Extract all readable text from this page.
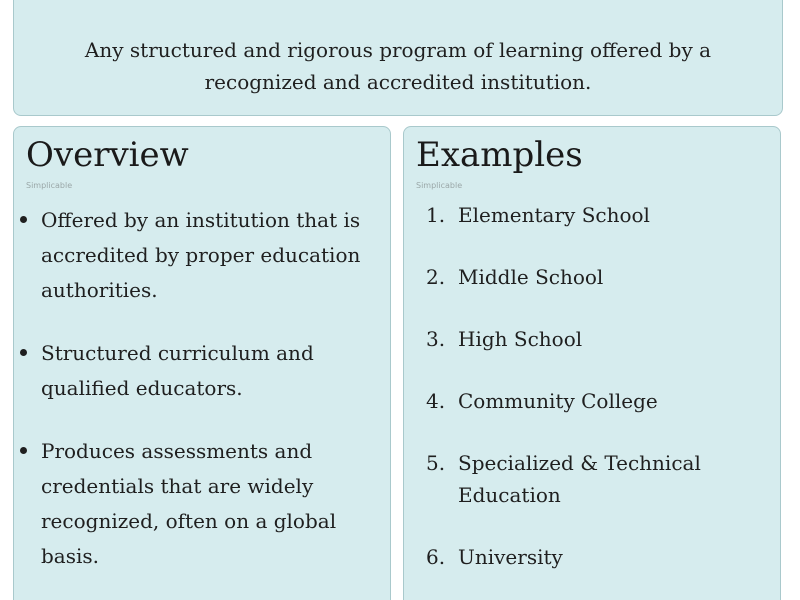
Any structured and rigorous program of learning offered by a recognized and accredited institution.

Overview
Simplicable
Offered by an institution that is accredited by proper education authorities.
Structured curriculum and qualified educators.
Produces assessments and credentials that are widely recognized, often on a global basis.
Examples
Simplicable
1. Elementary School
2. Middle School
3. High School
4. Community College
5. Specialized & Technical Education
6. University
